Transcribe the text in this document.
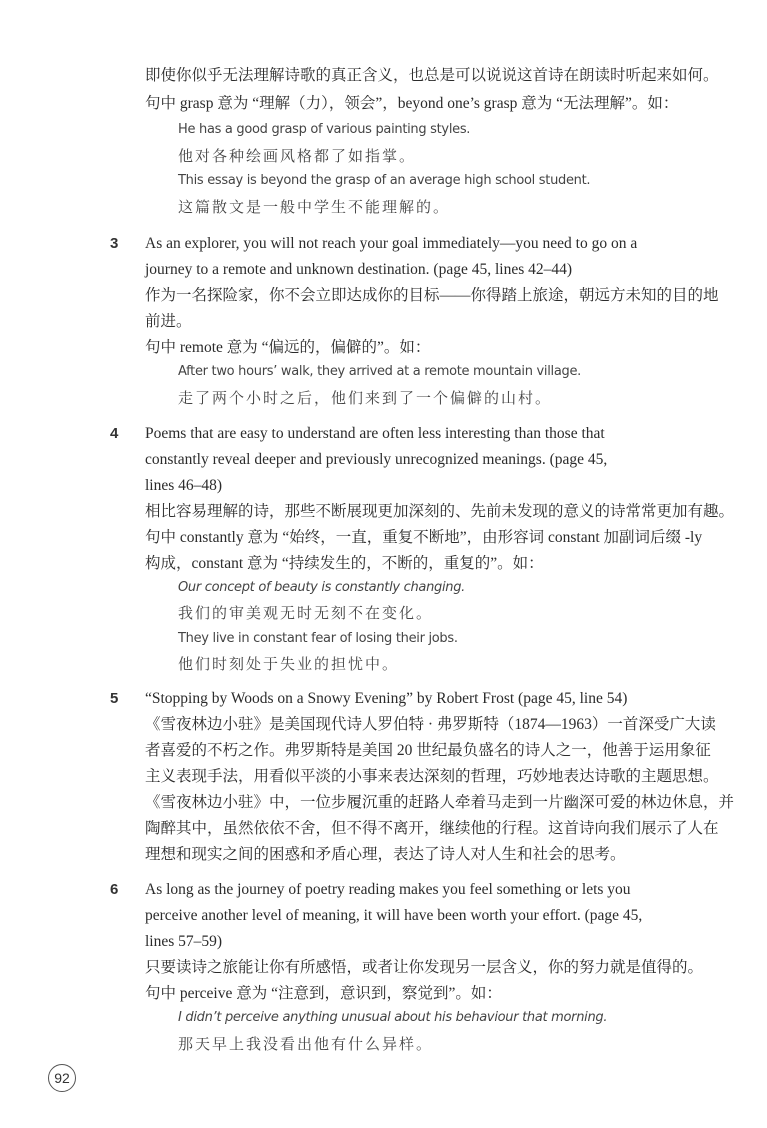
即使你似乎无法理解诗歌的真正含义，也总是可以说说这首诗在朗读时听起来如何。
句中 grasp 意为 “理解（力），领会”，beyond one’s grasp 意为 “无法理解”。如：
He has a good grasp of various painting styles.
他对各种绘画风格都了如指掌。
This essay is beyond the grasp of an average high school student.
这篇散文是一般中学生不能理解的。
3 As an explorer, you will not reach your goal immediately—you need to go on a
journey to a remote and unknown destination. (page 45, lines 42–44)
作为一名探险家，你不会立即达成你的目标——你得踏上旅途，朝远方未知的目的地
前进。
句中 remote 意为 “偏远的，偏僻的”。如：
After two hours’ walk, they arrived at a remote mountain village.
走了两个小时之后，他们来到了一个偏僻的山村。
4 Poems that are easy to understand are often less interesting than those that
constantly reveal deeper and previously unrecognized meanings. (page 45,
lines 46–48)
相比容易理解的诗，那些不断展现更加深刻的、先前未发现的意义的诗常常更加有趣。
句中 constantly 意为 “始终，一直，重复不断地”，由形容词 constant 加副词后缀 -ly
构成，constant 意为 “持续发生的，不断的，重复的”。如：
Our concept of beauty is constantly changing.
我们的审美观无时无刻不在变化。
They live in constant fear of losing their jobs.
他们时刻处于失业的担忧中。
5 “Stopping by Woods on a Snowy Evening” by Robert Frost (page 45, line 54)
《雪夜林边小驻》是美国现代诗人罗伯特 · 弗罗斯特（1874—1963）一首深受广大读
者喜爱的不朽之作。弗罗斯特是美国 20 世纪最负盛名的诗人之一，他善于运用象征
主义表现手法，用看似平淡的小事来表达深刻的哲理，巧妙地表达诗歌的主题思想。
《雪夜林边小驻》中，一位步履沉重的赶路人牵着马走到一片幽深可爱的林边休息，并
陶醉其中，虽然依依不舍，但不得不离开，继续他的行程。这首诗向我们展示了人在
理想和现实之间的困惑和矛盾心理，表达了诗人对人生和社会的思考。
6 As long as the journey of poetry reading makes you feel something or lets you
perceive another level of meaning, it will have been worth your effort. (page 45,
lines 57–59)
只要读诗之旅能让你有所感悟，或者让你发现另一层含义，你的努力就是值得的。
句中 perceive 意为 “注意到，意识到，察觉到”。如：
I didn’t perceive anything unusual about his behaviour that morning.
那天早上我没看出他有什么异样。
92
